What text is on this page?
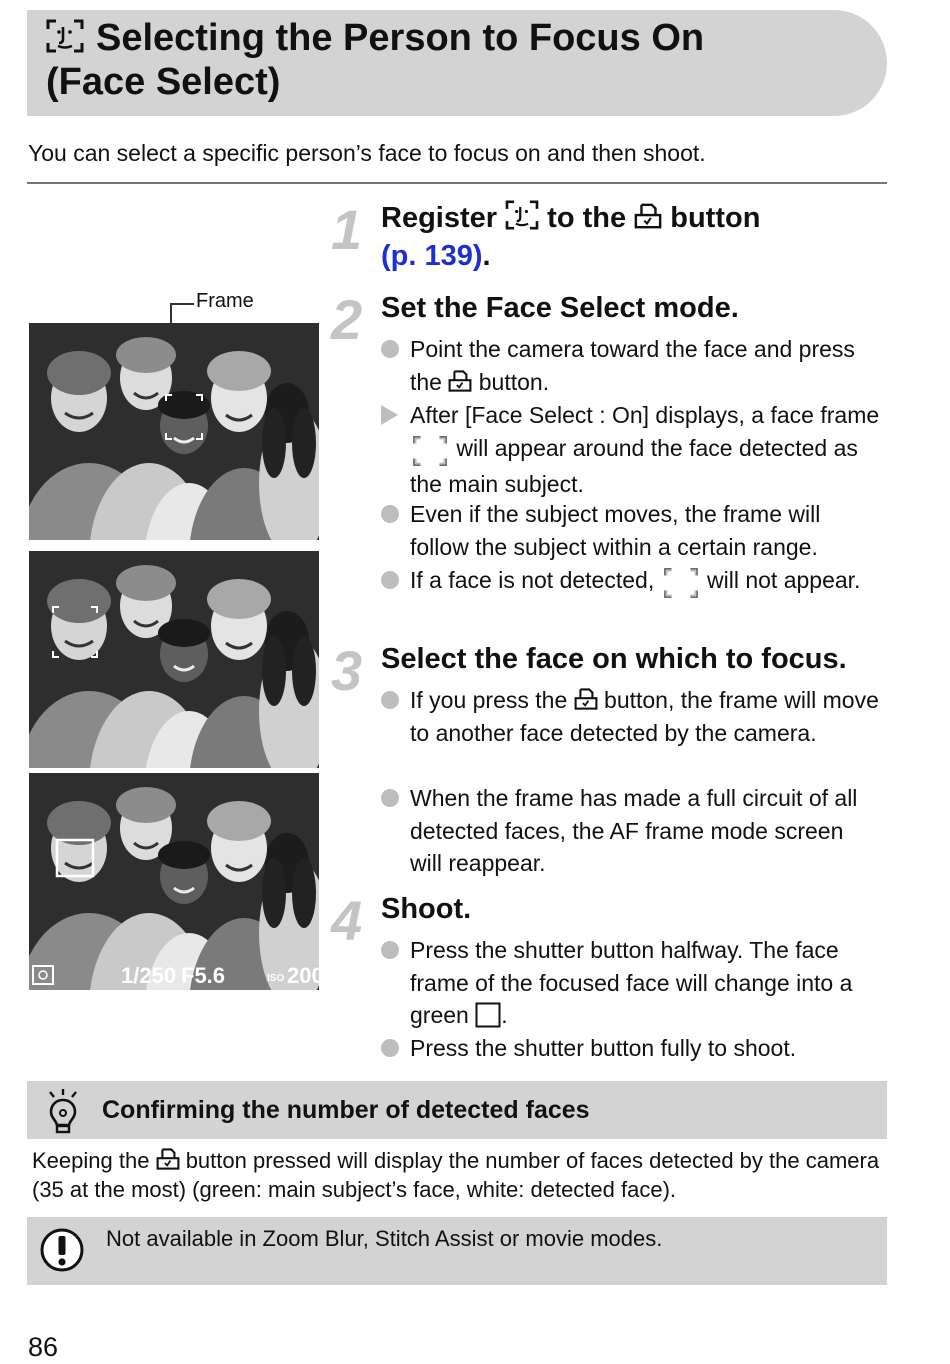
Selecting the Person to Focus On
(Face Select)
You can select a specific person’s face to focus on and then shoot.
Frame
1/250 F5.6	ISO 200
1 Register to the button
(p. 139).
2 Set the Face Select mode.
Point the camera toward the face and press the button.
After [Face Select : On] displays, a face frame  will appear around the face detected as the main subject.
Even if the subject moves, the frame will follow the subject within a certain range.
If a face is not detected, will not appear.
3 Select the face on which to focus.
If you press the button, the frame will move to another face detected by the camera.
When the frame has made a full circuit of all detected faces, the AF frame mode screen will reappear.
4 Shoot.
Press the shutter button halfway. The face frame of the focused face will change into a green .
Press the shutter button fully to shoot.
Confirming the number of detected faces
Keeping the button pressed will display the number of faces detected by the camera (35 at the most) (green: main subject’s face, white: detected face).
Not available in Zoom Blur, Stitch Assist or movie modes.
86
